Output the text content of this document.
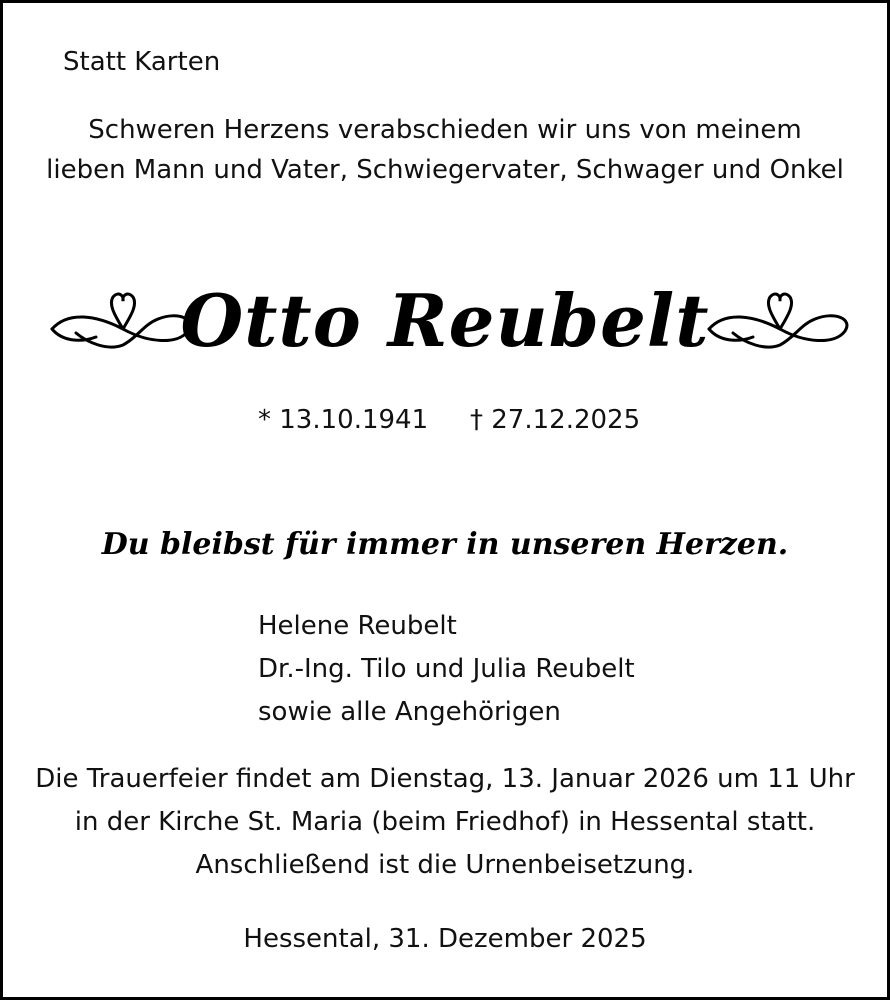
Statt Karten
Schweren Herzens verabschieden wir uns von meinem
lieben Mann und Vater, Schwiegervater, Schwager und Onkel
Otto Reubelt
* 13.10.1941 † 27.12.2025
Du bleibst für immer in unseren Herzen.
Helene Reubelt
Dr.-Ing. Tilo und Julia Reubelt
sowie alle Angehörigen
Die Trauerfeier findet am Dienstag, 13. Januar 2026 um 11 Uhr
in der Kirche St. Maria (beim Friedhof) in Hessental statt.
Anschließend ist die Urnenbeisetzung.
Hessental, 31. Dezember 2025
